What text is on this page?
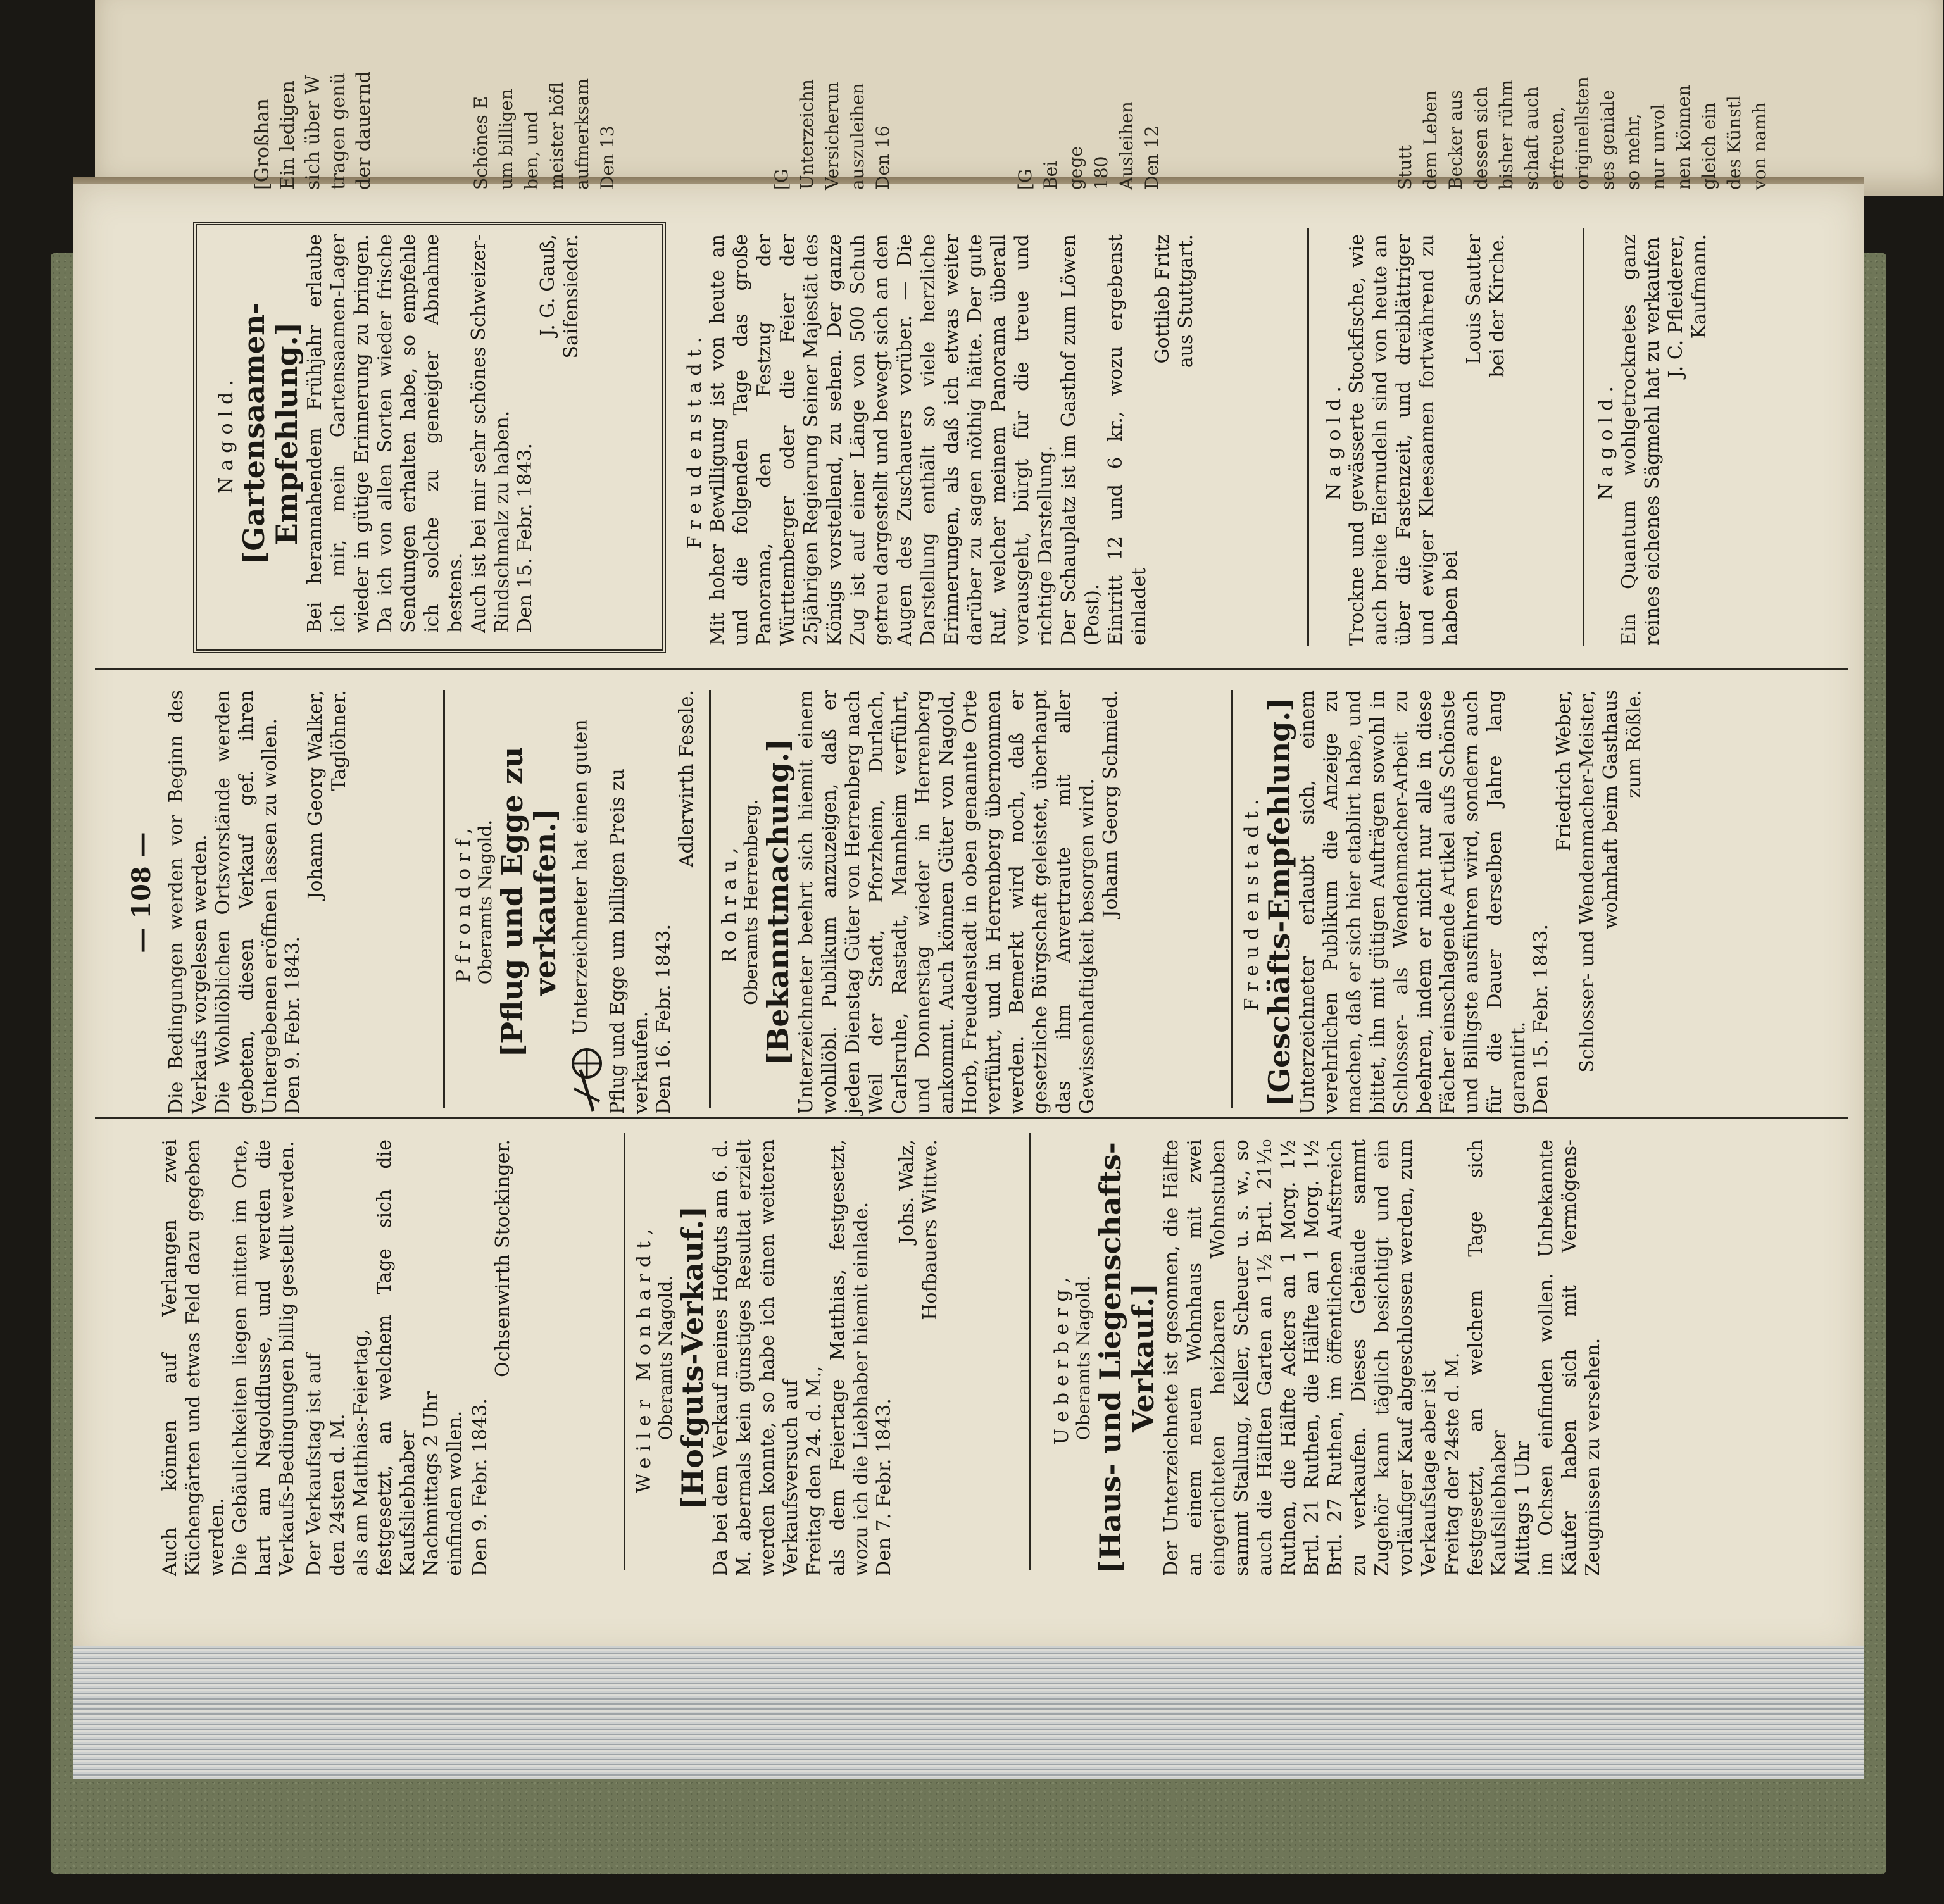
[Großhan
Ein ledigen
sich über W
tragen genü
der dauernd
Schönes E
um billigen
ben, und
meister höfl
aufmerksam
Den 13
[G
Unterzeichn
Versicherun
auszuleihen
Den 16
[G
Bei
gege
180
Ausleihen
Den 12
Stutt
dem Leben
Becker aus
dessen sich
bisher rühm
schaft auch
erfreuen,
originellsten
ses geniale
so mehr,
nur unvol
nen können
gleich ein
des Künstl
von namh
— 108 —
Auch können auf Verlangen zwei Küchengärten und etwas Feld dazu gegeben werden.
Die Gebäulichkeiten liegen mitten im Orte, hart am Nagoldflusse, und werden die Verkaufs-Bedingungen billig gestellt werden.
Der Verkaufstag ist auf
den 24sten d. M.
als am Matthias-Feiertag,
festgesetzt, an welchem Tage sich die Kaufsliebhaber
Nachmittags 2 Uhr
einfinden wollen. Den 9. Febr. 1843.
Ochsenwirth Stockinger.	Weiler Monhardt, Oberamts Nagold. [Hofguts-Verkauf.]
Da bei dem Verkauf meines Hofguts am 6. d. M. abermals kein günstiges Resultat erzielt werden konnte, so habe ich einen weiteren Verkaufsversuch auf
Freitag den 24. d. M.,
als dem Feiertage Matthias, festgesetzt, wozu ich die Liebhaber hiemit einlade.
Den 7. Febr. 1843.
Johs. Walz,
Hofbauers Wittwe.
Ueberberg, Oberamts Nagold. [Haus- und Liegenschafts-Verkauf.]
Der Unterzeichnete ist gesonnen, die Hälfte an einem neuen Wohnhaus mit zwei eingerichteten heizbaren Wohnstuben sammt Stallung, Keller, Scheuer u. s. w., so auch die Hälften Garten an 1½ Brtl. 21¹⁄₁₀ Ruthen, die Hälfte Ackers an 1 Morg. 1½ Brtl. 21 Ruthen, die Hälfte an 1 Morg. 1½ Brtl. 27 Ruthen, im öffentlichen Aufstreich zu verkaufen. Dieses Gebäude sammt Zugehör kann täglich besichtigt und ein vorläufiger Kauf abgeschlossen werden, zum Verkaufstage aber ist
Freitag der 24ste d. M.
festgesetzt, an welchem Tage sich Kaufsliebhaber
Mittags 1 Uhr
im Ochsen einfinden wollen. Unbekannte Käufer haben sich mit Vermögens-Zeugnissen zu versehen.
Die Bedingungen werden vor Beginn des Verkaufs vorgelesen werden.
Die Wohllöblichen Ortsvorstände werden gebeten, diesen Verkauf gef. ihren Untergebenen eröffnen lassen zu wollen.
Den 9. Febr. 1843.
Johann Georg Walker,
Taglöhner.
Pfrondorf, Oberamts Nagold. [Pflug und Egge zu verkaufen.] Unterzeichneter hat einen guten Pflug und Egge um billigen Preis zu verkaufen. Den 16. Febr. 1843.
Adlerwirth Fesele.
Rohrau, Oberamts Herrenberg. [Bekanntmachung.] Unterzeichneter beehrt sich hiemit einem wohllöbl. Publikum anzuzeigen, daß er jeden Dienstag Güter von Herrenberg nach Weil der Stadt, Pforzheim, Durlach, Carlsruhe, Rastadt, Mannheim verführt, und Donnerstag wieder in Herrenberg ankommt. Auch können Güter von Nagold, Horb, Freudenstadt in oben genannte Orte verführt, und in Herrenberg übernommen werden. Bemerkt wird noch, daß er gesetzliche Bürgschaft geleistet, überhaupt das ihm Anvertraute mit aller Gewissenhaftigkeit besorgen wird. Johann Georg Schmied.	Freudenstadt. [Geschäfts-Empfehlung.] Unterzeichneter erlaubt sich, einem verehrlichen Publikum die Anzeige zu machen, daß er sich hier etablirt habe, und bittet, ihn mit gütigen Aufträgen sowohl in Schlosser- als Wendenmacher-Arbeit zu beehren, indem er nicht nur alle in diese Fächer einschlagende Artikel aufs Schönste und Billigste ausführen wird, sondern auch für die Dauer derselben Jahre lang garantirt. Den 15. Febr. 1843.
Friedrich Weber,
Schlosser- und Wendenmacher-Meister,
wohnhaft beim Gasthaus
zum Rößle.
Nagold. [Gartensaamen-Empfehlung.]
Bei herannahendem Frühjahr erlaube ich mir, mein Gartensaamen-Lager wieder in gütige Erinnerung zu bringen. Da ich von allen Sorten wieder frische Sendungen erhalten habe, so empfehle ich solche zu geneigter Abnahme bestens.
Auch ist bei mir sehr schönes Schweizer-Rindschmalz zu haben. Den 15. Febr. 1843.
J. G. Gauß,
Saifensieder.
Freudenstadt.
Mit hoher Bewilligung ist von heute an und die folgenden Tage das große Panorama, den Festzug der Württemberger oder die Feier der 25jährigen Regierung Seiner Majestät des Königs vorstellend, zu sehen. Der ganze Zug ist auf einer Länge von 500 Schuh getreu dargestellt und bewegt sich an den Augen des Zuschauers vorüber. — Die Darstellung enthält so viele herzliche Erinnerungen, als daß ich etwas weiter darüber zu sagen nöthig hätte. Der gute Ruf, welcher meinem Panorama überall vorausgeht, bürgt für die treue und richtige Darstellung.
Der Schauplatz ist im Gasthof zum Löwen (Post).
Eintritt 12 und 6 kr., wozu ergebenst einladet
Gottlieb Fritz
aus Stuttgart.
Nagold. Trockne und gewässerte Stockfische, wie auch breite Eiernudeln sind von heute an über die Fastenzeit, und dreiblättriger und ewiger Kleesaamen fortwährend zu haben bei
Louis Sautter
bei der Kirche.
Nagold. Ein Quantum wohlgetrocknetes ganz reines eichenes Sägmehl hat zu verkaufen J. C. Pfleiderer,
Kaufmann.
